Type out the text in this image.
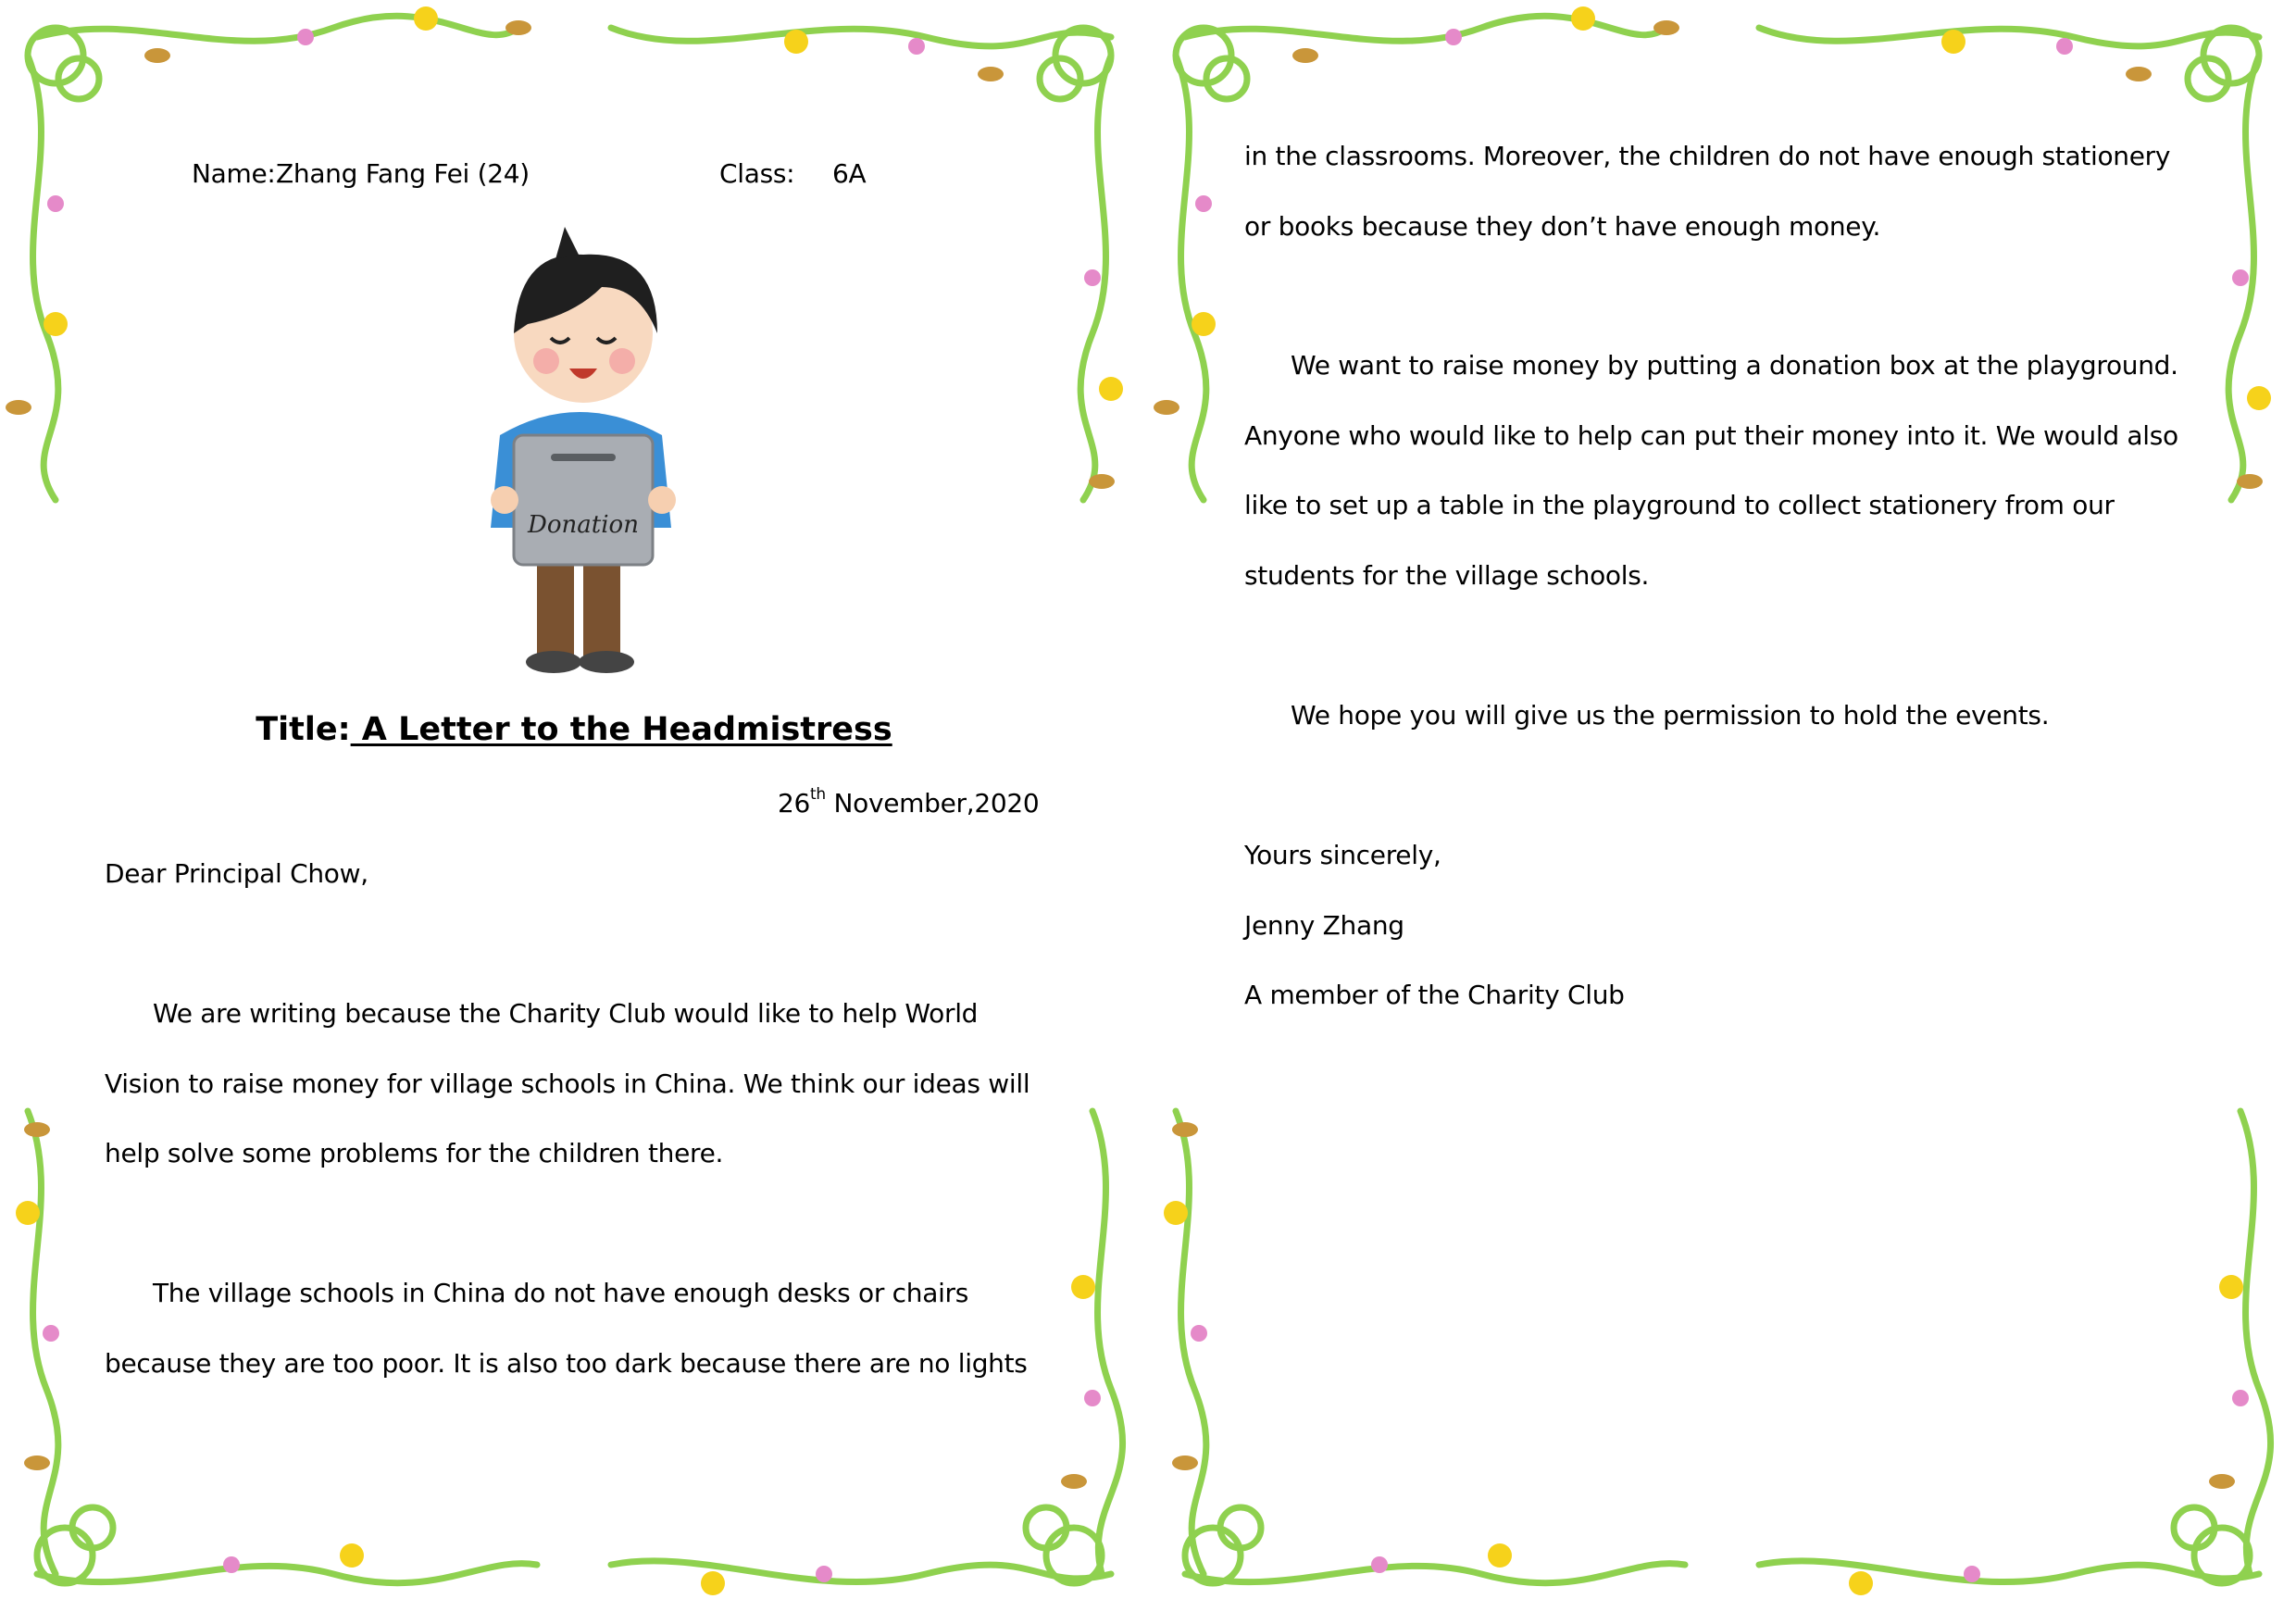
Name: Zhang Fang Fei (24)	Class: 6A
Donation
Title: A Letter to the Headmistress
26th November,2020
Dear Principal Chow,
We are writing because the Charity Club would like to help World
Vision to raise money for village schools in China. We think our ideas will
help solve some problems for the children there.
The village schools in China do not have enough desks or chairs
because they are too poor. It is also too dark because there are no lights
in the classrooms. Moreover, the children do not have enough stationery
or books because they don’t have enough money.
We want to raise money by putting a donation box at the playground.
Anyone who would like to help can put their money into it. We would also
like to set up a table in the playground to collect stationery from our
students for the village schools.
We hope you will give us the permission to hold the events.
Yours sincerely,
Jenny Zhang
A member of the Charity Club
